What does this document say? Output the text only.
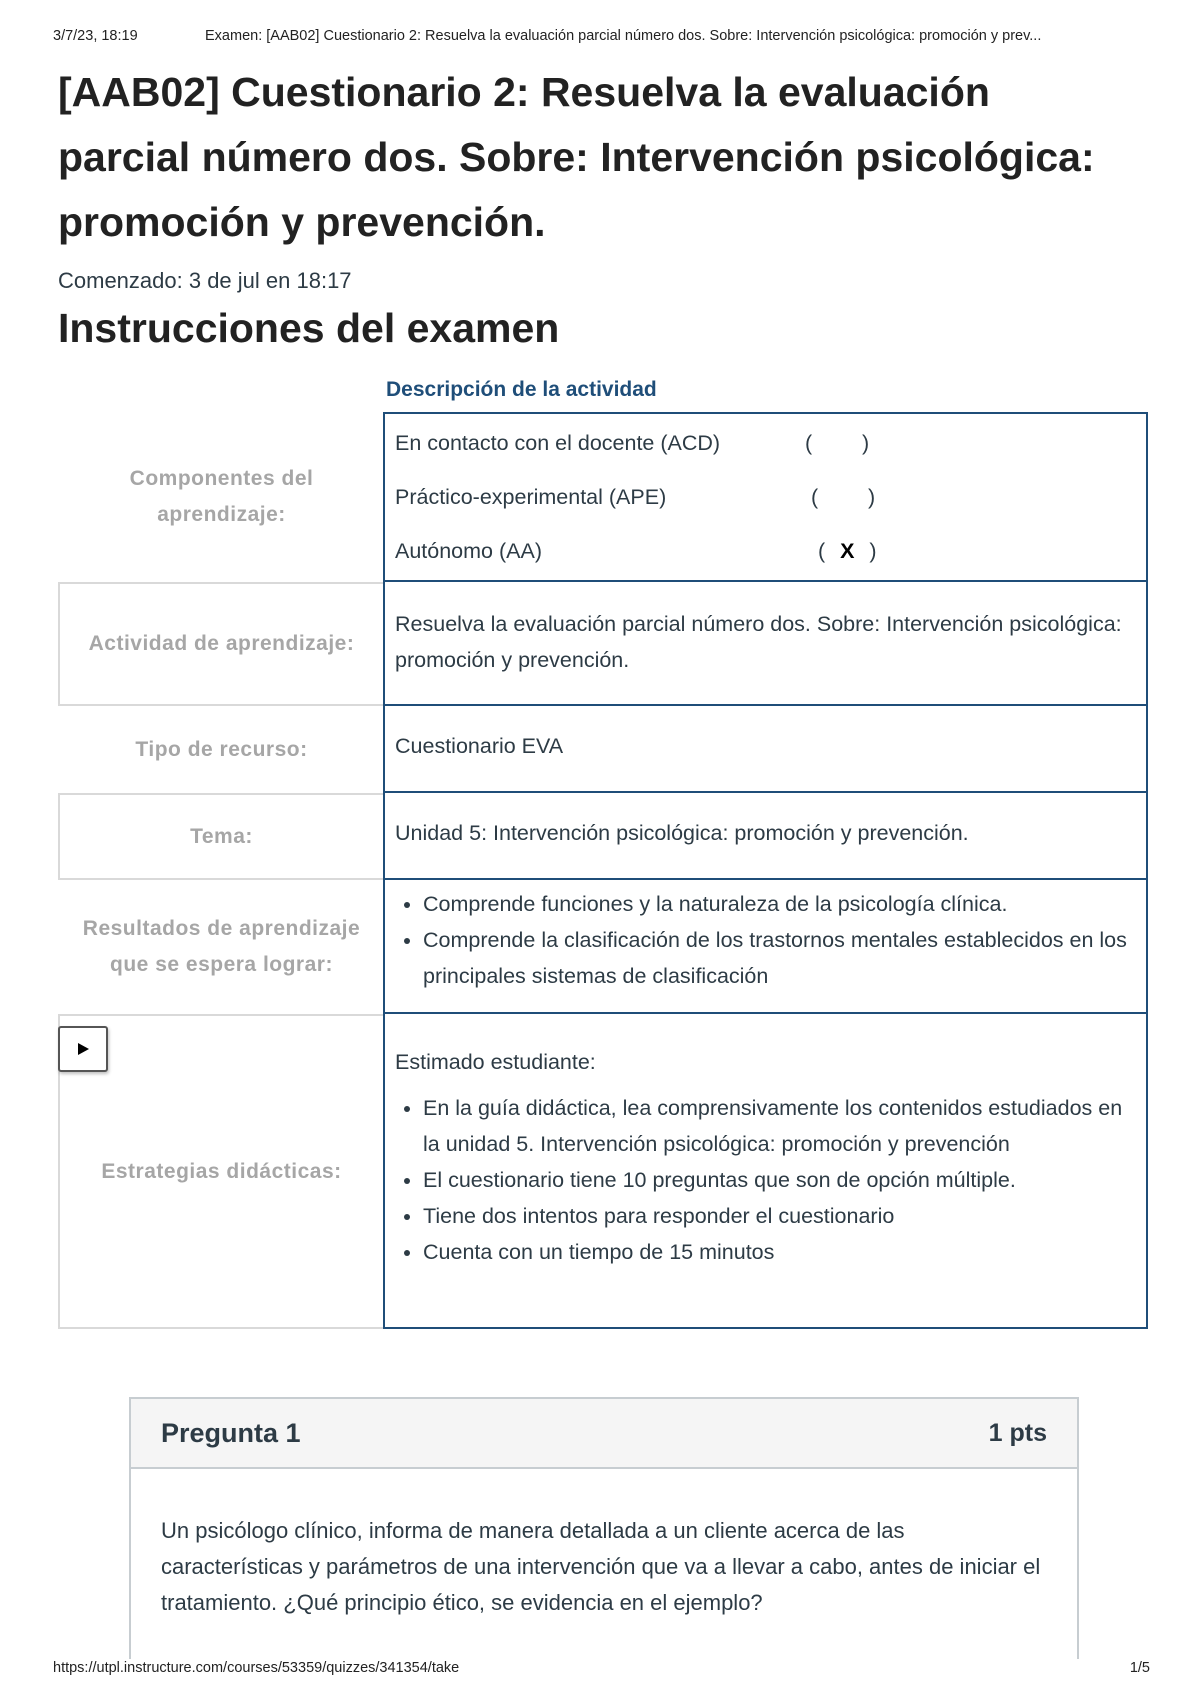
3/7/23, 18:19	Examen: [AAB02] Cuestionario 2: Resuelva la evaluación parcial número dos. Sobre: Intervención psicológica: promoción y prev...
[AAB02] Cuestionario 2: Resuelva la evaluación parcial número dos. Sobre: Intervención psicológica: promoción y prevención.
Comenzado: 3 de jul en 18:17
Instrucciones del examen
Descripción de la actividad
Componentes del aprendizaje:
En contacto con el docente (ACD)	( )
Práctico-experimental (APE)	( )
Autónomo (AA)	( X )
Actividad de aprendizaje:
Resuelva la evaluación parcial número dos. Sobre: Intervención psicológica: promoción y prevención.
Tipo de recurso:	Cuestionario EVA
Tema:	Unidad 5: Intervención psicológica: promoción y prevención.
Resultados de aprendizaje que se espera lograr:
• Comprende funciones y la naturaleza de la psicología clínica.
• Comprende la clasificación de los trastornos mentales establecidos en los principales sistemas de clasificación
Estrategias didácticas:

Estimado estudiante:

• En la guía didáctica, lea comprensivamente los contenidos estudiados en la unidad 5. Intervención psicológica: promoción y prevención
• El cuestionario tiene 10 preguntas que son de opción múltiple.
• Tiene dos intentos para responder el cuestionario
• Cuenta con un tiempo de 15 minutos
Pregunta 1	1 pts
Un psicólogo clínico, informa de manera detallada a un cliente acerca de las características y parámetros de una intervención que va a llevar a cabo, antes de iniciar el tratamiento. ¿Qué principio ético, se evidencia en el ejemplo?
https://utpl.instructure.com/courses/53359/quizzes/341354/take	1/5
